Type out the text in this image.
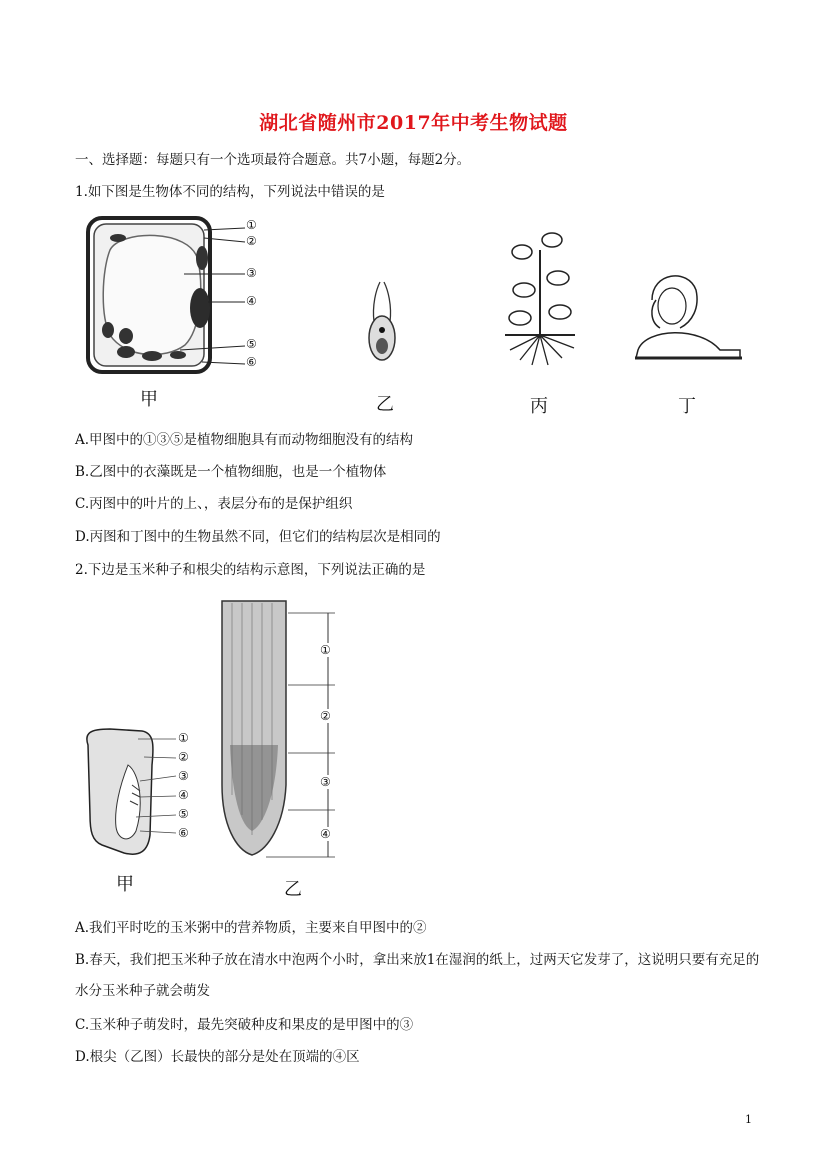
湖北省随州市2017年中考生物试题
一、选择题：每题只有一个选项最符合题意。共7小题，每题2分。
1.如下图是生物体不同的结构，下列说法中错误的是
①
②
③
④
⑤
⑥
甲	乙	丙	丁
A.甲图中的①③⑤是植物细胞具有而动物细胞没有的结构
B.乙图中的衣藻既是一个植物细胞，也是一个植物体
C.丙图中的叶片的上、，表层分布的是保护组织
D.丙图和丁图中的生物虽然不同，但它们的结构层次是相同的
2.下边是玉米种子和根尖的结构示意图，下列说法正确的是
①
②
③
④
⑤
⑥
①
②
③
④
甲	乙
A.我们平时吃的玉米粥中的营养物质，主要来自甲图中的②
B.春天，我们把玉米种子放在清水中泡两个小时，拿出来放1在湿润的纸上，过两天它发芽了，这说明只要有充足的水分玉米种子就会萌发
C.玉米种子萌发时，最先突破种皮和果皮的是甲图中的③
D.根尖（乙图）长最快的部分是处在顶端的④区
1
